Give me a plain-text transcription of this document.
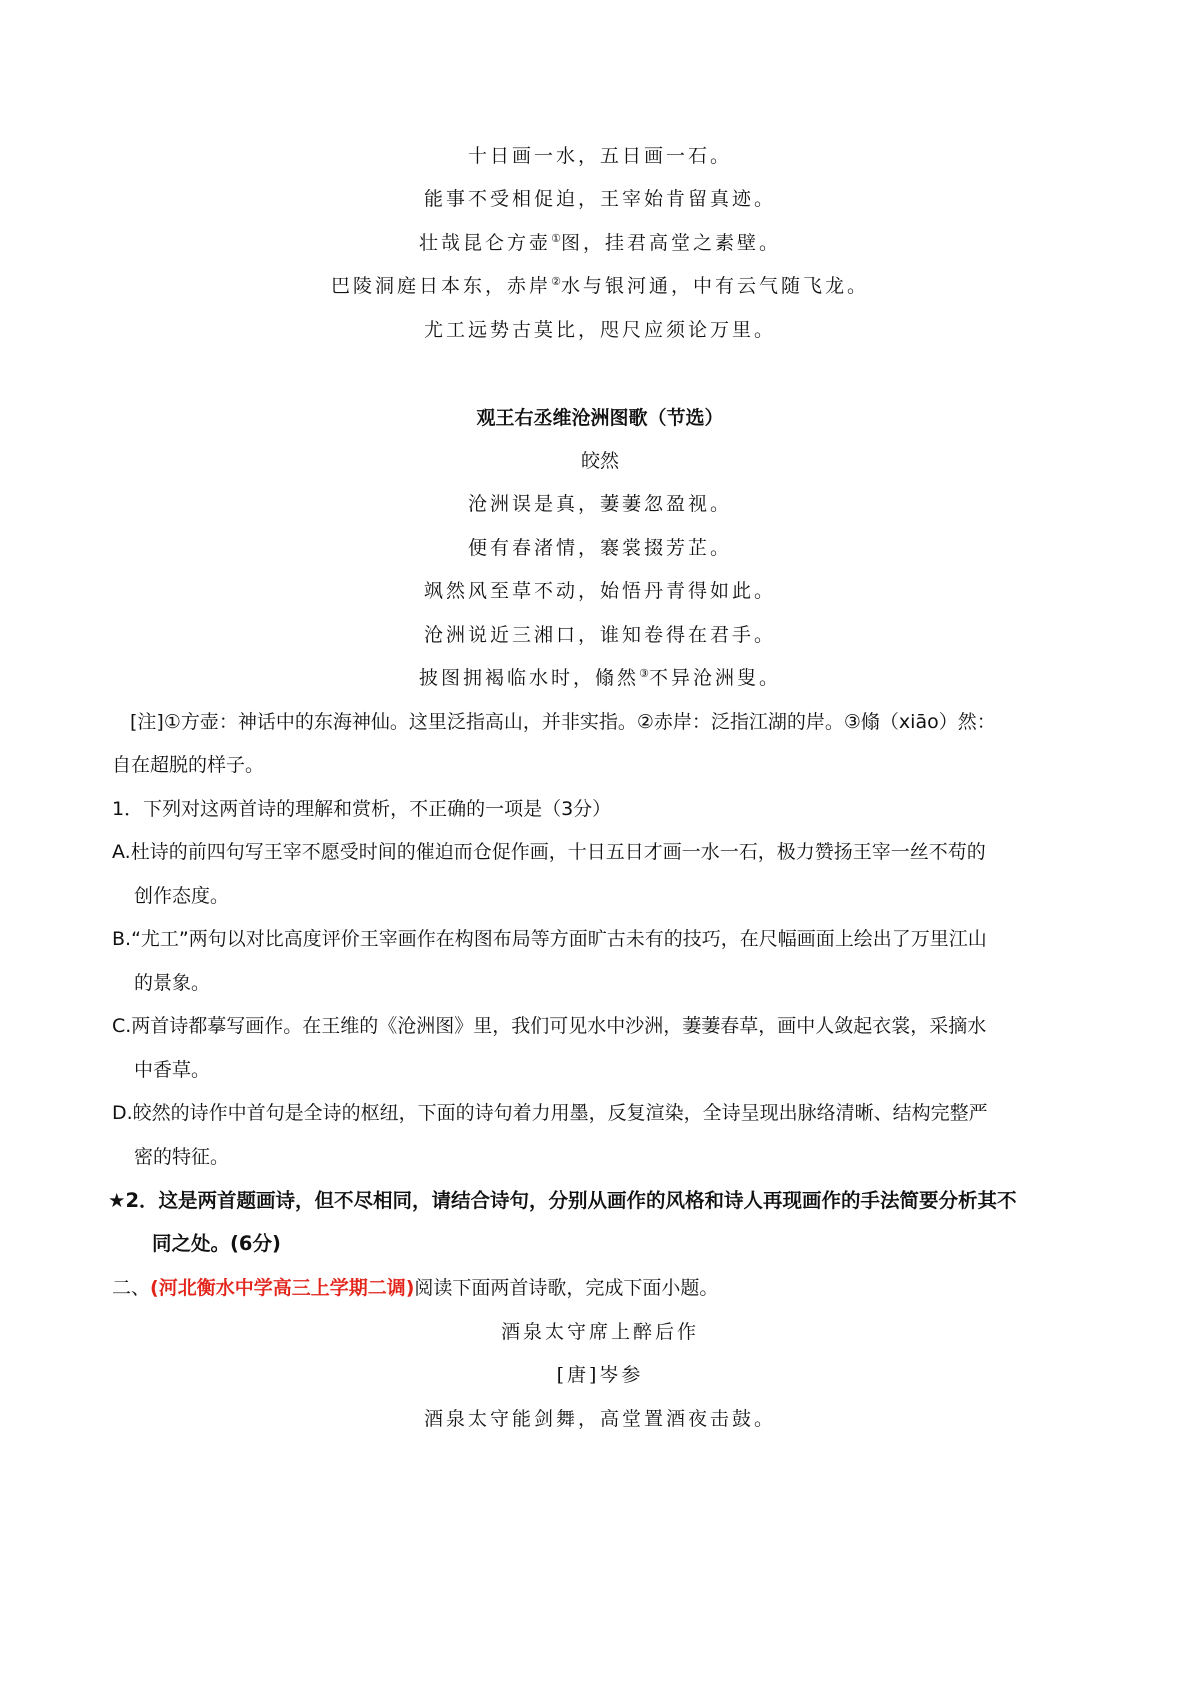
十日画一水，五日画一石。
能事不受相促迫，王宰始肯留真迹。
壮哉昆仑方壶①图，挂君高堂之素壁。
巴陵洞庭日本东，赤岸②水与银河通，中有云气随飞龙。
尤工远势古莫比，咫尺应须论万里。
观王右丞维沧洲图歌（节选）
皎然
沧洲误是真，萋萋忽盈视。
便有春渚情，褰裳掇芳芷。
飒然风至草不动，始悟丹青得如此。
沧洲说近三湘口，谁知卷得在君手。
披图拥褐临水时，翛然③不异沧洲叟。
[注]①方壶：神话中的东海神仙。这里泛指高山，并非实指。②赤岸：泛指江湖的岸。③翛（xiāo）然：
自在超脱的样子。
1．下列对这两首诗的理解和赏析，不正确的一项是（3分）
A.杜诗的前四句写王宰不愿受时间的催迫而仓促作画，十日五日才画一水一石，极力赞扬王宰一丝不苟的
创作态度。
B.“尤工”两句以对比高度评价王宰画作在构图布局等方面旷古未有的技巧，在尺幅画面上绘出了万里江山
的景象。
C.两首诗都摹写画作。在王维的《沧洲图》里，我们可见水中沙洲，萋萋春草，画中人敛起衣裳，采摘水
中香草。
D.皎然的诗作中首句是全诗的枢纽，下面的诗句着力用墨，反复渲染，全诗呈现出脉络清晰、结构完整严
密的特征。
★2．这是两首题画诗，但不尽相同，请结合诗句，分别从画作的风格和诗人再现画作的手法简要分析其不
同之处。(6分)
二、(河北衡水中学高三上学期二调)阅读下面两首诗歌，完成下面小题。
酒泉太守席上醉后作
[唐]岑参
酒泉太守能剑舞，高堂置酒夜击鼓。
